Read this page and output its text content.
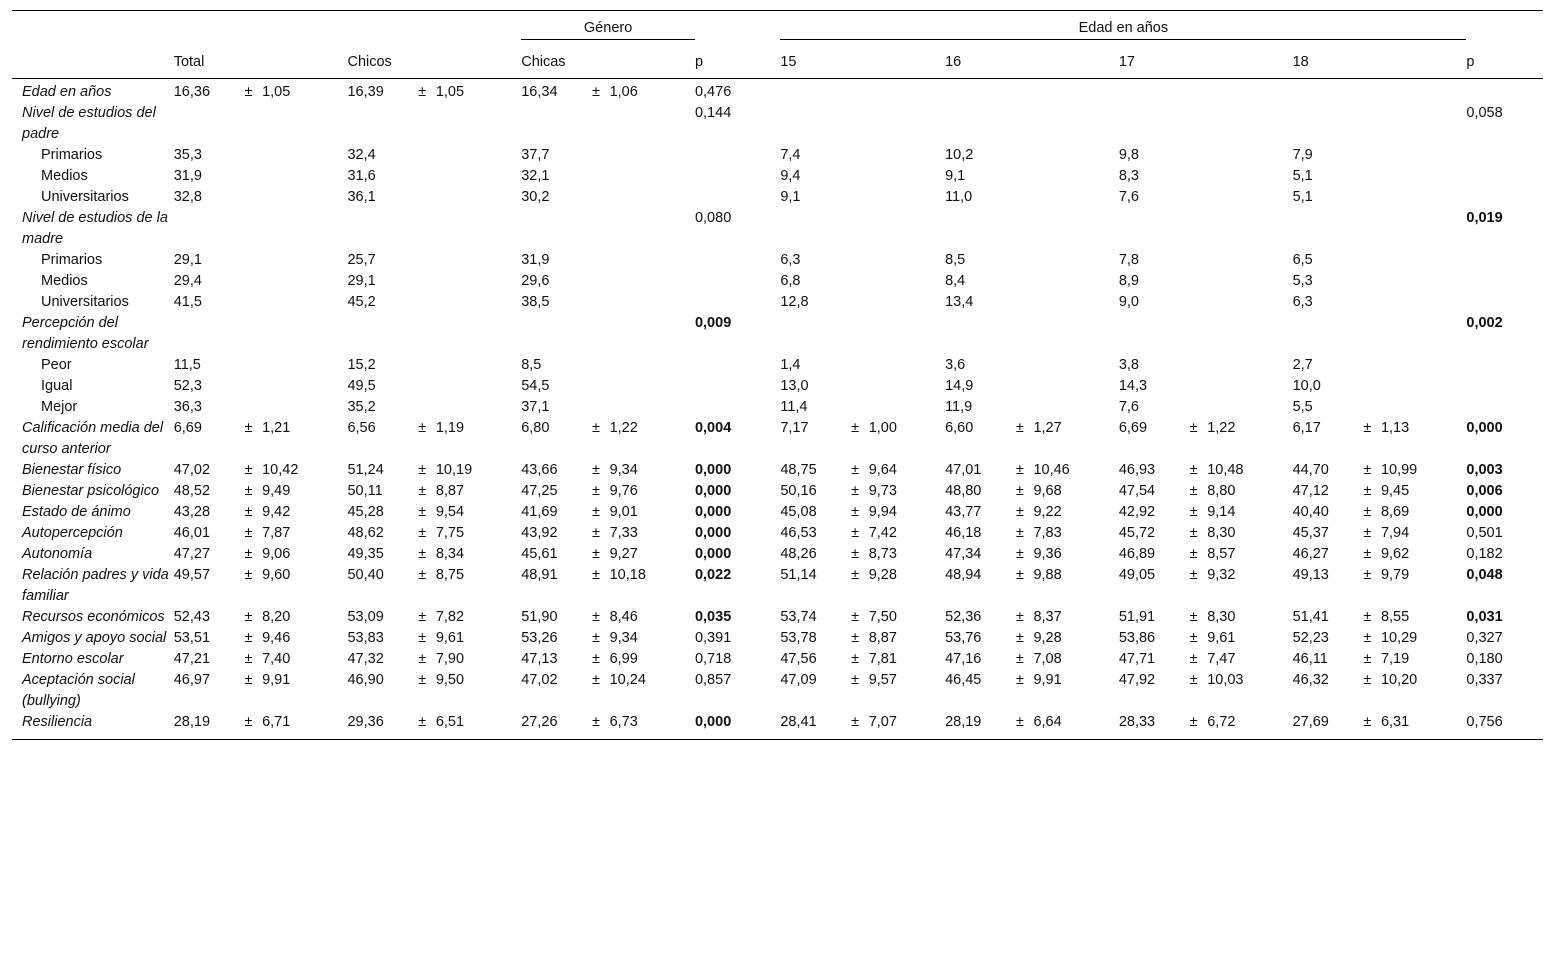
							Género				Edad en años												

	Total			Chicos			Chicas			p	15			16			17			18			p
Edad en años	16,36	±	1,05	16,39	±	1,05	16,34	±	1,06	0,476													
Nivel de estudios del padre										0,144													0,058
Primarios	35,3			32,4			37,7				7,4			10,2			9,8			7,9			
Medios	31,9			31,6			32,1				9,4			9,1			8,3			5,1			
Universitarios	32,8			36,1			30,2				9,1			11,0			7,6			5,1			
Nivel de estudios de la madre										0,080													0,019
Primarios	29,1			25,7			31,9				6,3			8,5			7,8			6,5			
Medios	29,4			29,1			29,6				6,8			8,4			8,9			5,3			
Universitarios	41,5			45,2			38,5				12,8			13,4			9,0			6,3			
Percepción del rendimiento escolar										0,009													0,002
Peor	11,5			15,2			8,5				1,4			3,6			3,8			2,7			
Igual	52,3			49,5			54,5				13,0			14,9			14,3			10,0			
Mejor	36,3			35,2			37,1				11,4			11,9			7,6			5,5			
Calificación media del curso anterior	6,69	±	1,21	6,56	±	1,19	6,80	±	1,22	0,004	7,17	±	1,00	6,60	±	1,27	6,69	±	1,22	6,17	±	1,13	0,000
Bienestar físico	47,02	±	10,42	51,24	±	10,19	43,66	±	9,34	0,000	48,75	±	9,64	47,01	±	10,46	46,93	±	10,48	44,70	±	10,99	0,003
Bienestar psicológico	48,52	±	9,49	50,11	±	8,87	47,25	±	9,76	0,000	50,16	±	9,73	48,80	±	9,68	47,54	±	8,80	47,12	±	9,45	0,006
Estado de ánimo	43,28	±	9,42	45,28	±	9,54	41,69	±	9,01	0,000	45,08	±	9,94	43,77	±	9,22	42,92	±	9,14	40,40	±	8,69	0,000
Autopercepción	46,01	±	7,87	48,62	±	7,75	43,92	±	7,33	0,000	46,53	±	7,42	46,18	±	7,83	45,72	±	8,30	45,37	±	7,94	0,501
Autonomía	47,27	±	9,06	49,35	±	8,34	45,61	±	9,27	0,000	48,26	±	8,73	47,34	±	9,36	46,89	±	8,57	46,27	±	9,62	0,182
Relación padres y vida familiar	49,57	±	9,60	50,40	±	8,75	48,91	±	10,18	0,022	51,14	±	9,28	48,94	±	9,88	49,05	±	9,32	49,13	±	9,79	0,048
Recursos económicos	52,43	±	8,20	53,09	±	7,82	51,90	±	8,46	0,035	53,74	±	7,50	52,36	±	8,37	51,91	±	8,30	51,41	±	8,55	0,031
Amigos y apoyo social	53,51	±	9,46	53,83	±	9,61	53,26	±	9,34	0,391	53,78	±	8,87	53,76	±	9,28	53,86	±	9,61	52,23	±	10,29	0,327
Entorno escolar	47,21	±	7,40	47,32	±	7,90	47,13	±	6,99	0,718	47,56	±	7,81	47,16	±	7,08	47,71	±	7,47	46,11	±	7,19	0,180
Aceptación social (bullying)	46,97	±	9,91	46,90	±	9,50	47,02	±	10,24	0,857	47,09	±	9,57	46,45	±	9,91	47,92	±	10,03	46,32	±	10,20	0,337
Resiliencia	28,19	±	6,71	29,36	±	6,51	27,26	±	6,73	0,000	28,41	±	7,07	28,19	±	6,64	28,33	±	6,72	27,69	±	6,31	0,756
